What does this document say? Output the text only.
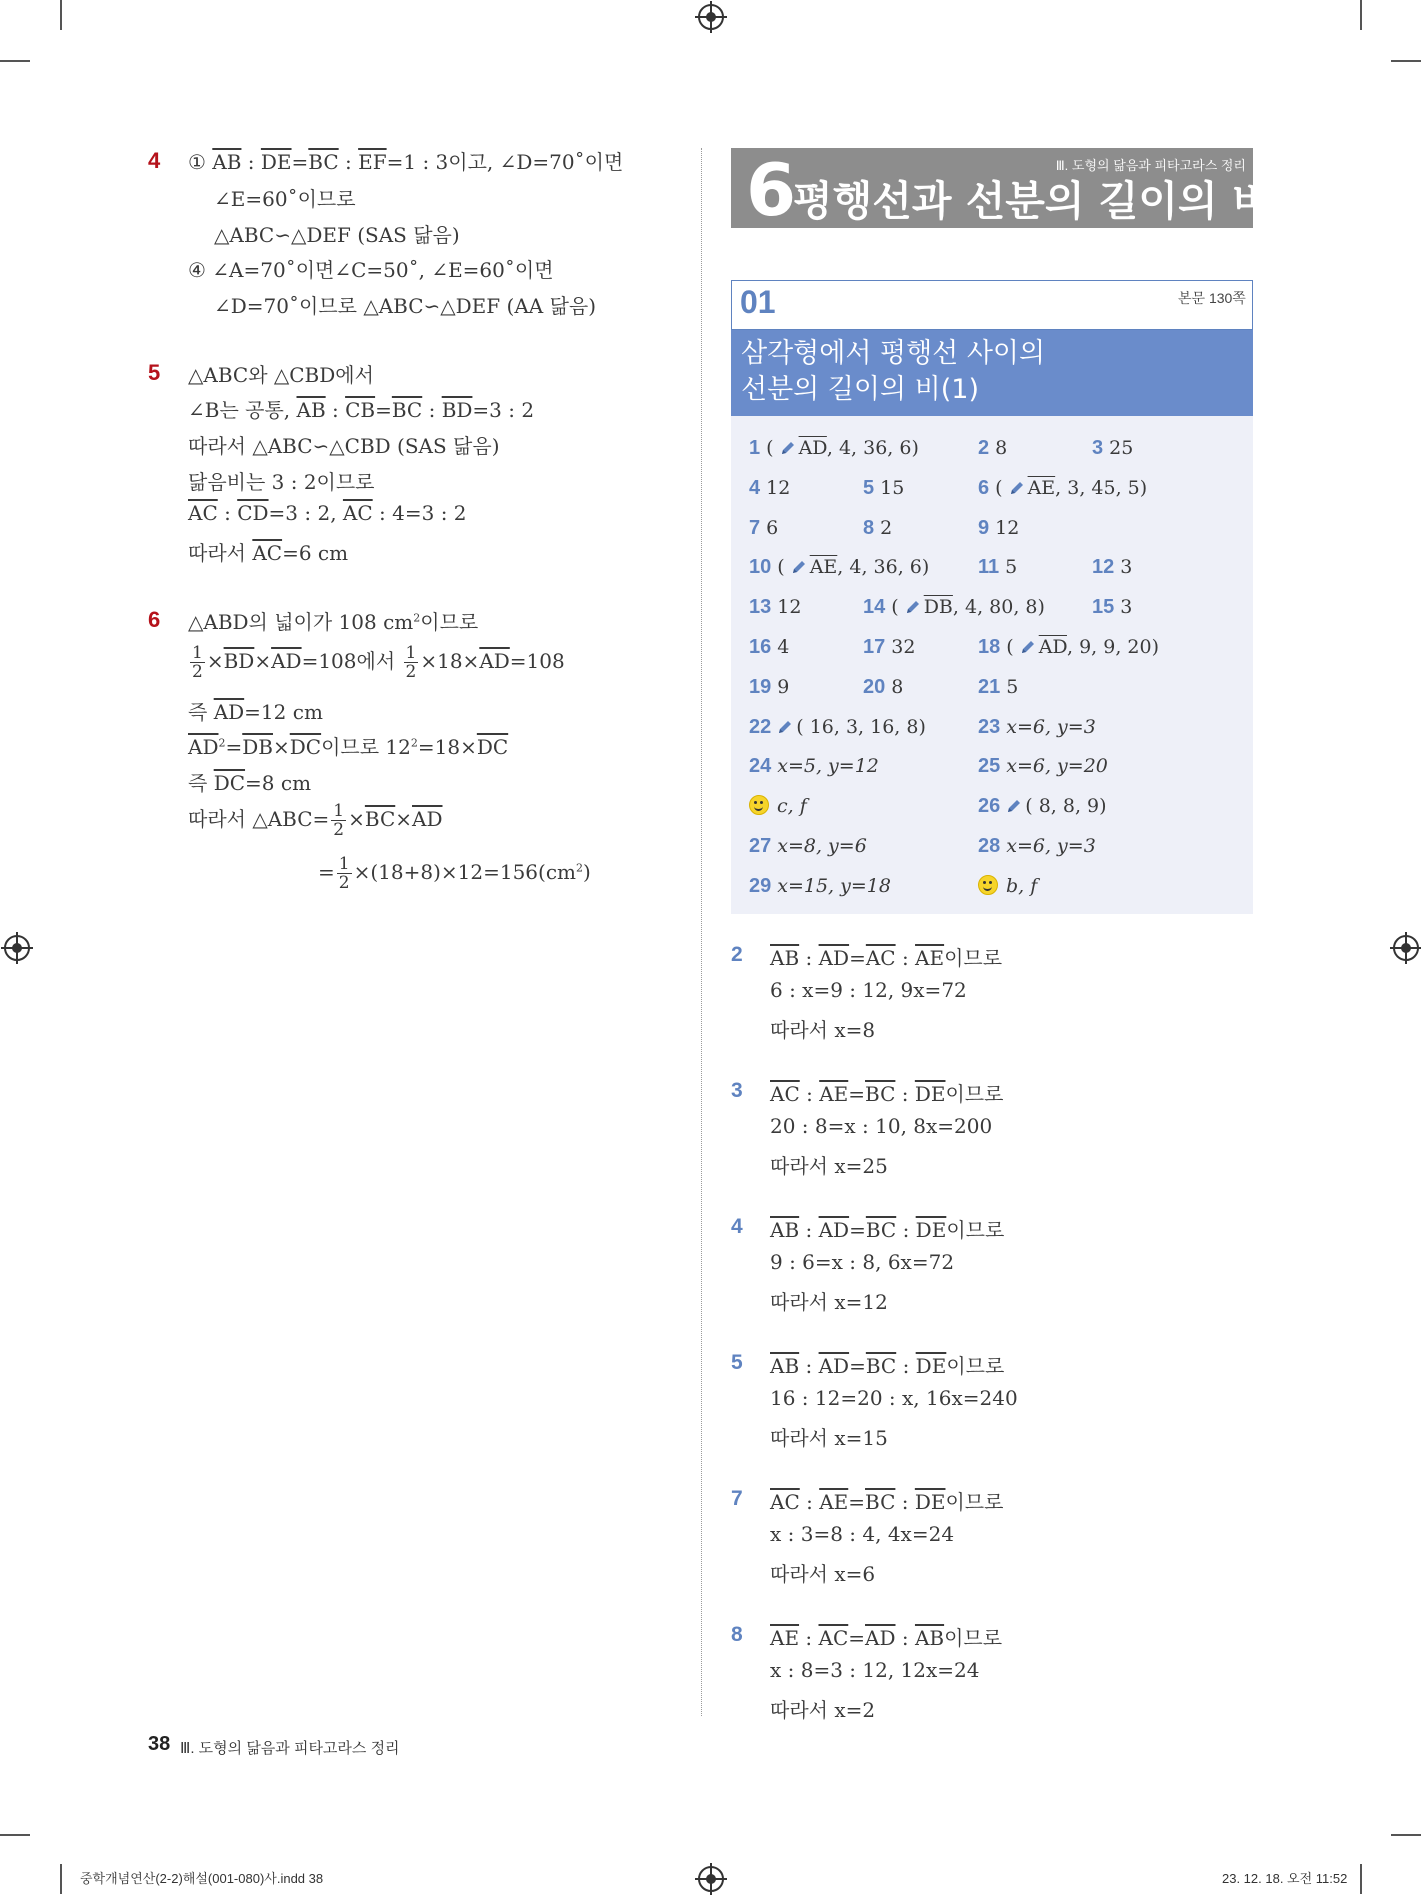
4 ① $\overline{AB}$ : $\overline{DE}=\overline{BC}$ : $\overline{EF}=1$ : 3이고, ∠D=70˚이면
∠E=60˚이므로
△ABC∽△DEF (SAS 닮음)
④ ∠A=70˚이면∠C=50˚, ∠E=60˚이면
∠D=70˚이므로 △ABC∽△DEF (AA 닮음)
5 △ABC와 △CBD에서
∠B는 공통, $\overline{AB}$ : $\overline{CB}=\overline{BC}$ : $\overline{BD}=3$ : 2
따라서 △ABC∽△CBD (SAS 닮음)
닮음비는 3 : 2이므로
$\overline{AC}$ : $\overline{CD}=3$ : 2, $\overline{AC}$ : 4=3 : 2
따라서 $\overline{AC}=6$ cm
6 △ABD의 넓이가 108 $cm^2$이므로
$\frac{1}{2} \times\overline{BD}\times\overline{AD}=108$에서 $\frac{1}{2} \times 18\times\overline{AD}=108$
즉 $\overline{AD}=12$ cm
$\overline{AD}^2=\overline{DB}\times\overline{DC}$이므로 $12^2=18\times\overline{DC}$
즉 $\overline{DC}=8$ cm
따라서 △ABC= $\frac{1}{2} \times\overline{BC}\times\overline{AD}$
= $\frac{1}{2} \times(18+8)\times 12=156(cm^2)$
Ⅲ. 도형의 닮음과 피타고라스 정리
6
평행선과 선분의 길이의 비
01	본문 130쪽
삼각형에서 평행선 사이의
선분의 길이의 비(1)
1 ( $\overline{AD}$, 4, 36, 6)	2 8	3 25
4 12	5 15	6 ( $\overline{AE}$, 3, 45, 5)
7 6	8 2	9 12
10 ( $\overline{AE}$, 4, 36, 6) 11 5	12 3
13 12	14 ( $\overline{DB}$, 4, 80, 8) 15 3
16 4	17 32	18 ( $\overline{AD}$, 9, 9, 20)
19 9	20 8	21 5
22 ( 16, 3, 16, 8)	23 x=6, y=3
24 x=5, y=12	25 x=6, y=20
c, f	26 ( 8, 8, 9)
27 x=8, y=6	28 x=6, y=3
29 x=15, y=18	b, f
2 $\overline{AB}$ : $\overline{AD}=\overline{AC}$ : $\overline{AE}$이므로
6 : x=9 : 12, 9x=72
따라서 x=8
3 $\overline{AC}$ : $\overline{AE}=\overline{BC}$ : $\overline{DE}$이므로
20 : 8=x : 10, 8x=200
따라서 x=25
4 $\overline{AB}$ : $\overline{AD}=\overline{BC}$ : $\overline{DE}$이므로
9 : 6=x : 8, 6x=72
따라서 x=12
5 $\overline{AB}$ : $\overline{AD}=\overline{BC}$ : $\overline{DE}$이므로
16 : 12=20 : x, 16x=240
따라서 x=15
7 $\overline{AC}$ : $\overline{AE}=\overline{BC}$ : $\overline{DE}$이므로
x : 3=8 : 4, 4x=24
따라서 x=6
8 $\overline{AE}$ : $\overline{AC}=\overline{AD}$ : $\overline{AB}$이므로
x : 8=3 : 12, 12x=24
따라서 x=2
38 Ⅲ. 도형의 닮음과 피타고라스 정리
중학개념연산(2-2)해설(001-080)사.indd 38	23. 12. 18. 오전 11:52
